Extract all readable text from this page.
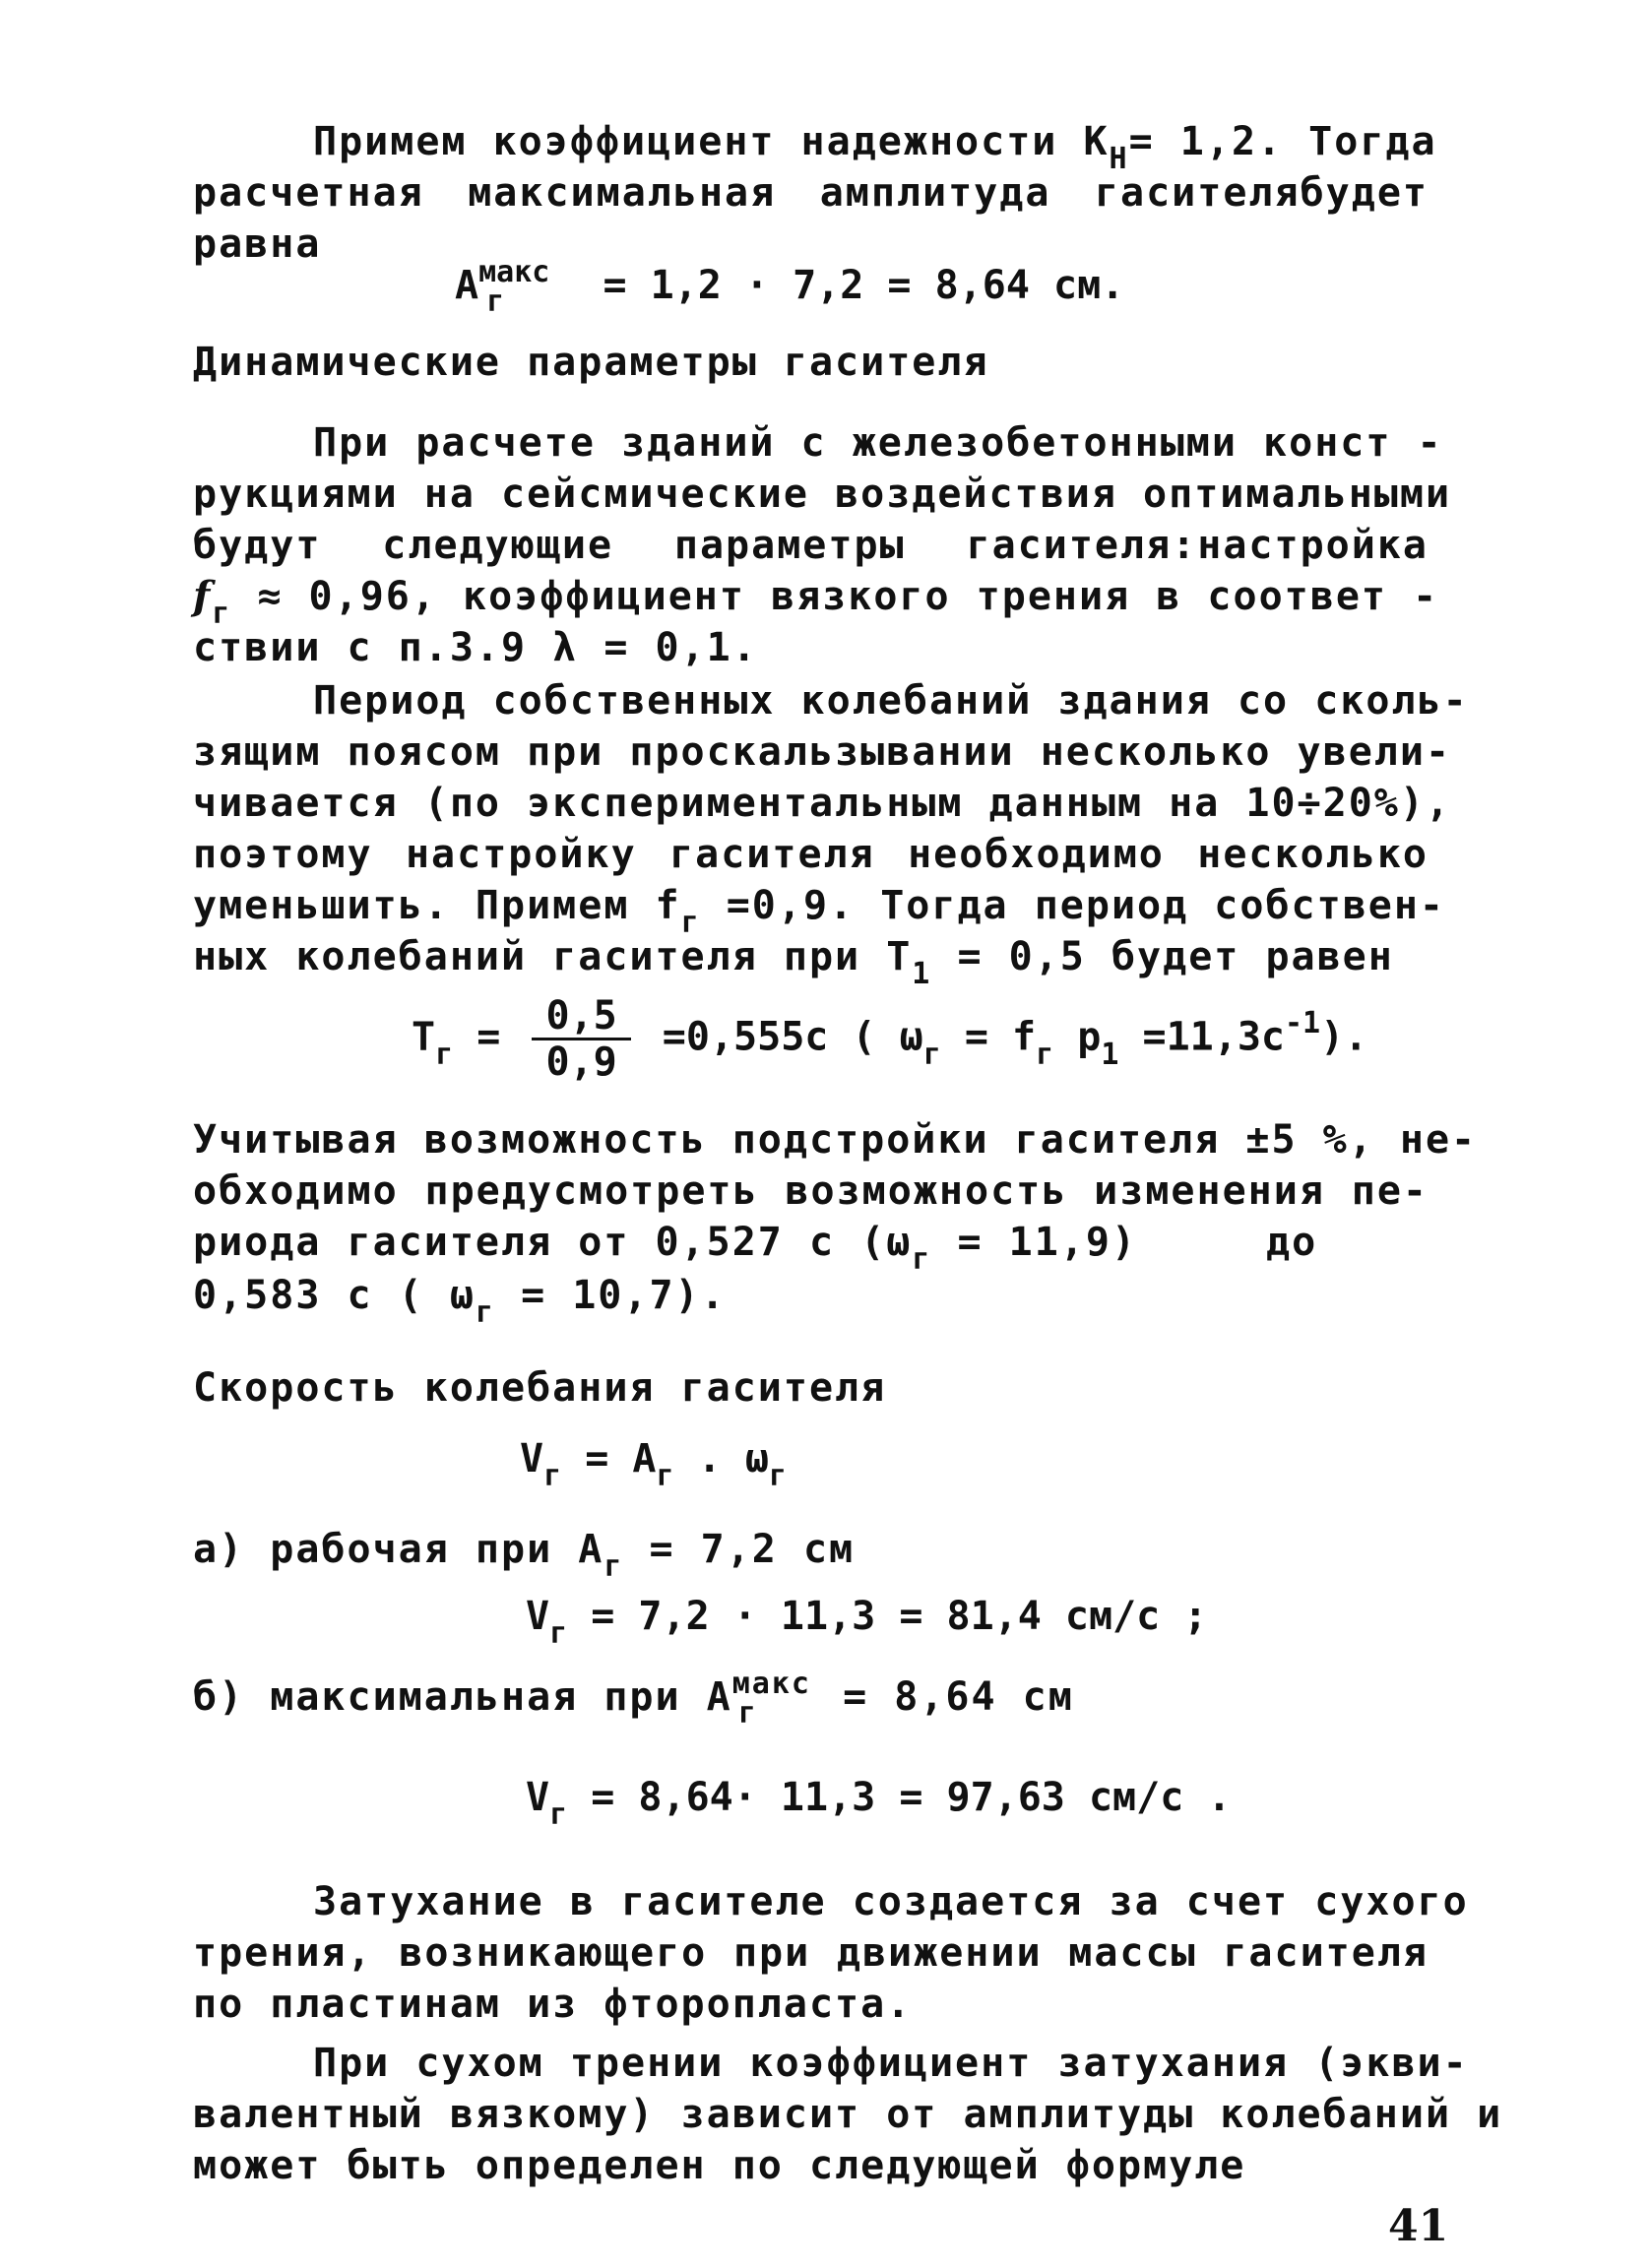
Примем коэффициент надежности $К_Н= 1,2$. Тогда
расчетная максимальная амплитуда гасителябудет
равна
A макс
г	= 1,2 · 7,2 = 8,64 см.
Динамические параметры гасителя
При расчете зданий с железобетонными конст -
рукциями на сейсмические воздействия оптимальными
будут следующие параметры гасителя:настройка
$f_г \approx 0,96$, коэффициент вязкого трения в соответ -
ствии с п.3.9 λ = 0,1.
Период собственных колебаний здания со сколь-
зящим поясом при проскальзывании несколько увели-
чивается (по экспериментальным данным на 10÷20%),
поэтому настройку гасителя необходимо несколько
уменьшить. Примем $f_г =0,9$. Тогда период собствен-
ных колебаний гасителя при $T_1 = 0,5$ будет равен
$T_г = \frac{0,5}{0,9} =0,555с$ ( $\omega_г = f_г$ $p_1 =11,3с^{-1}$).
Учитывая возможность подстройки гасителя ±5 %, не-
обходимо предусмотреть возможность изменения пе-
риода гасителя от 0,527 с $(\omega_г = 11,9)$	до
0,583 с ( $\omega_г = 10,7$).
Скорость колебания гасителя
$V_г = A_г$ . $\omega_г$
а) рабочая при $A_г = 7,2$ см
$V_г = 7,2 \cdot 11,3 = 81,4$ см/с ;
б) максимальная при A макс
г	= 8,64 см
$V_г = 8,64\cdot 11,3 = 97,63$ см/с .
Затухание в гасителе создается за счет сухого
трения, возникающего при движении массы гасителя
по пластинам из фторопласта.
При сухом трении коэффициент затухания (экви-
валентный вязкому) зависит от амплитуды колебаний и
может быть определен по следующей формуле
41
